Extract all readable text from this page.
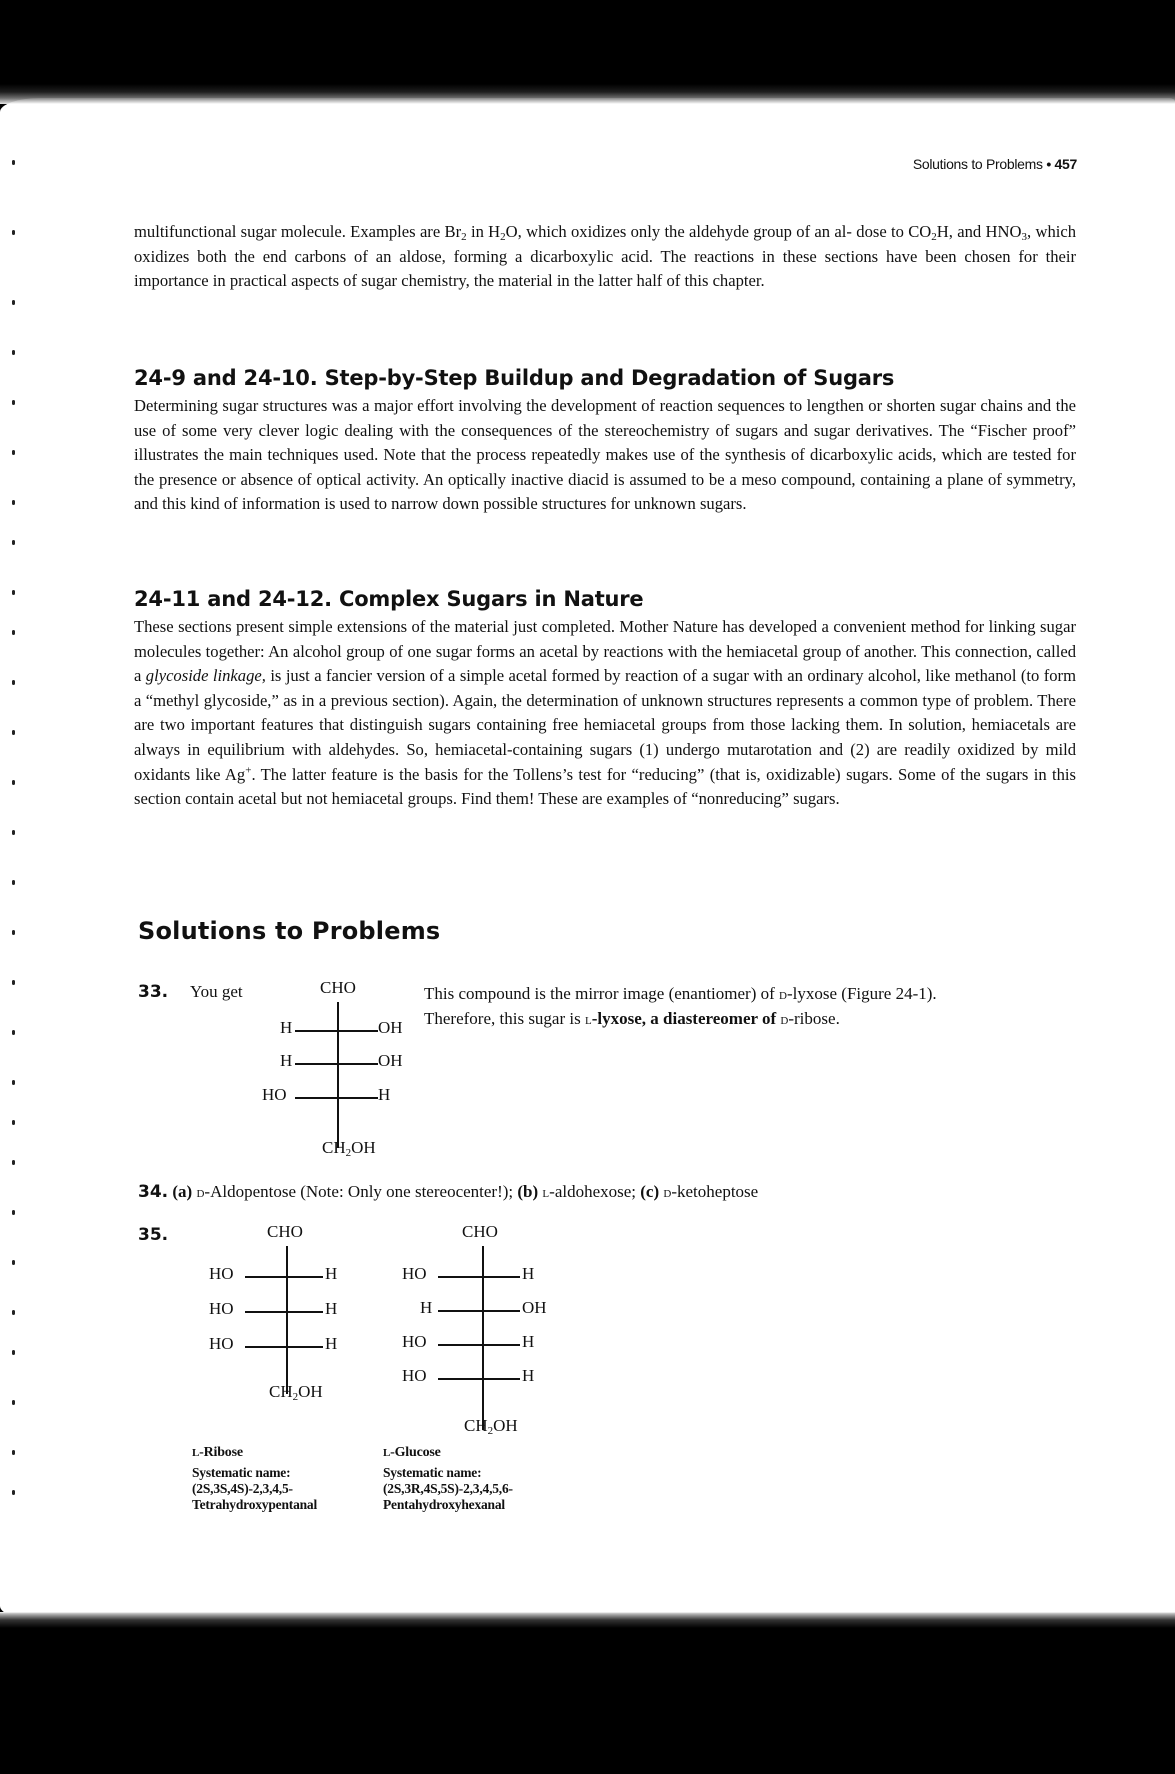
Solutions to Problems • 457
multifunctional sugar molecule. Examples are $Br_2$ in $H_2O$, which oxidizes only the aldehyde group of an al- dose to $CO_2H$, and $HNO_3$, which oxidizes both the end carbons of an aldose, forming a dicarboxylic acid. The reactions in these sections have been chosen for their importance in practical aspects of sugar chemistry, the material in the latter half of this chapter.
24-9 and 24-10. Step-by-Step Buildup and Degradation of Sugars
Determining sugar structures was a major effort involving the development of reaction sequences to lengthen or shorten sugar chains and the use of some very clever logic dealing with the consequences of the stereochemistry of sugars and sugar derivatives. The “Fischer proof” illustrates the main techniques used. Note that the process repeatedly makes use of the synthesis of dicarboxylic acids, which are tested for the presence or absence of optical activity. An optically inactive diacid is assumed to be a meso compound, containing a plane of symmetry, and this kind of information is used to narrow down possible structures for unknown sugars.
24-11 and 24-12. Complex Sugars in Nature
These sections present simple extensions of the material just completed. Mother Nature has developed a convenient method for linking sugar molecules together: An alcohol group of one sugar forms an acetal by reactions with the hemiacetal group of another. This connection, called a glycoside linkage, is just a fancier version of a simple acetal formed by reaction of a sugar with an ordinary alcohol, like methanol (to form a “methyl glycoside,” as in a previous section). Again, the determination of unknown structures represents a common type of problem. There are two important features that distinguish sugars containing free hemiacetal groups from those lacking them. In solution, hemiacetals are always in equilibrium with aldehydes. So, hemiacetal-containing sugars (1) undergo mutarotation and (2) are readily oxidized by mild oxidants like Ag+. The latter feature is the basis for the Tollens’s test for “reducing” (that is, oxidizable) sugars. Some of the sugars in this section contain acetal but not hemiacetal groups. Find them! These are examples of “nonreducing” sugars.
Solutions to Problems
33. You get	CHO
H	OH
H	OH
HO	H
$CH_2OH$
This compound is the mirror image (enantiomer) of d-lyxose (Figure 24-1).
Therefore, this sugar is l-lyxose, a diastereomer of d-ribose.
34. (a) d-Aldopentose (Note: Only one stereocenter!); (b) l-aldohexose; (c) d-ketoheptose
35.	CHO
HO	H
HO	H
HO	H
$CH_2OH$
CHO
HO	H
H	OH
HO	H
HO	H
$CH_2OH$
l-Ribose
Systematic name:
(2S,3S,4S)-2,3,4,5-
Tetrahydroxypentanal
l-Glucose
Systematic name:
(2S,3R,4S,5S)-2,3,4,5,6-
Pentahydroxyhexanal
